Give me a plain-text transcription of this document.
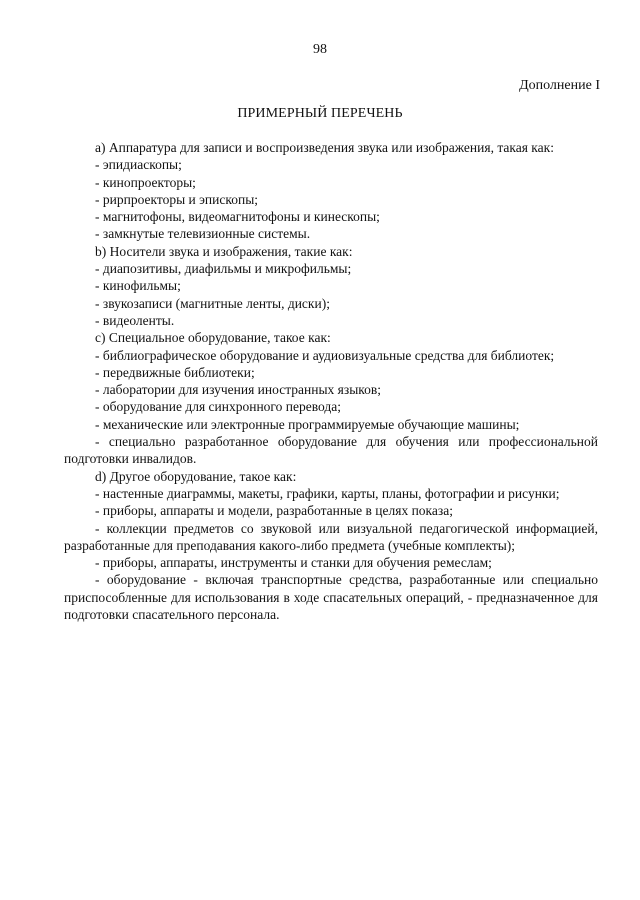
98
Дополнение I
ПРИМЕРНЫЙ ПЕРЕЧЕНЬ
а) Аппаратура для записи и воспроизведения звука или изображения, такая как:
- эпидиаскопы;
- кинопроекторы;
- рирпроекторы и эпископы;
- магнитофоны, видеомагнитофоны и кинескопы;
- замкнутые телевизионные системы.
b) Носители звука и изображения, такие как:
- диапозитивы, диафильмы и микрофильмы;
- кинофильмы;
- звукозаписи (магнитные ленты, диски);
- видеоленты.
c) Специальное оборудование, такое как:
- библиографическое оборудование и аудиовизуальные средства для библиотек;
- передвижные библиотеки;
- лаборатории для изучения иностранных языков;
- оборудование для синхронного перевода;
- механические или электронные программируемые обучающие машины;
- специально разработанное оборудование для обучения или профессиональной подготовки инвалидов.
d) Другое оборудование, такое как:
- настенные диаграммы, макеты, графики, карты, планы, фотографии и рисунки;
- приборы, аппараты и модели, разработанные в целях показа;
- коллекции предметов со звуковой или визуальной педагогической информацией, разработанные для преподавания какого-либо предмета (учебные комплекты);
- приборы, аппараты, инструменты и станки для обучения ремеслам;
- оборудование - включая транспортные средства, разработанные или специально приспособленные для использования в ходе спасательных операций, - предназначенное для подготовки спасательного персонала.
